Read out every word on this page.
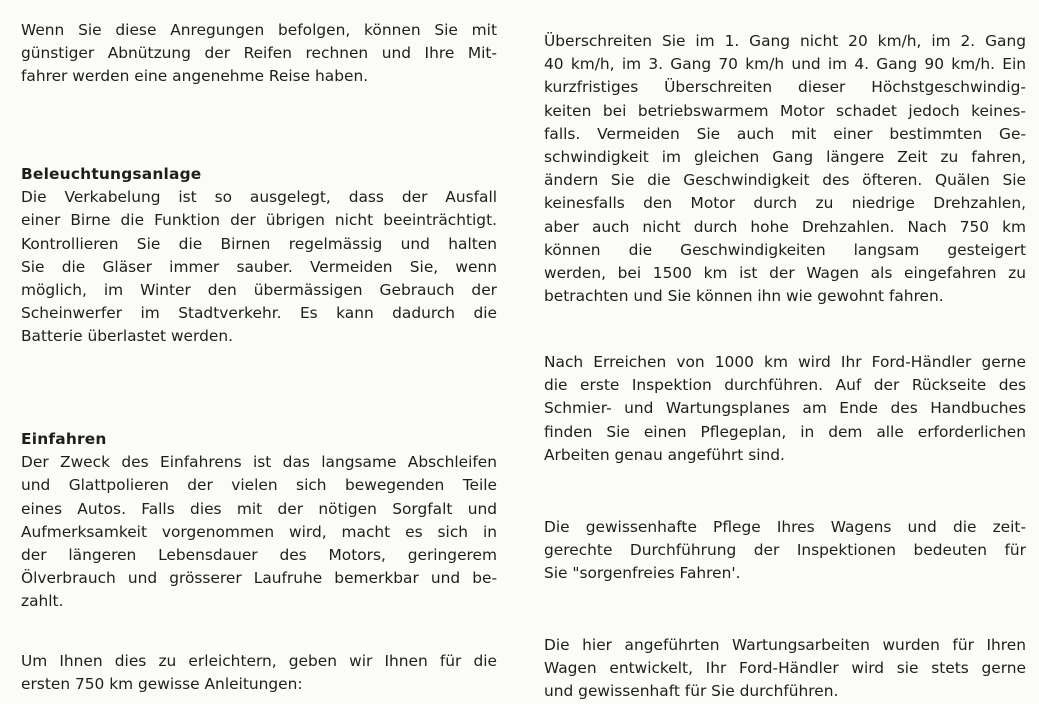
Wenn Sie diese Anregungen befolgen, können Sie mit
günstiger Abnützung der Reifen rechnen und Ihre Mit-
fahrer werden eine angenehme Reise haben.
Beleuchtungsanlage
Die Verkabelung ist so ausgelegt, dass der Ausfall
einer Birne die Funktion der übrigen nicht beeinträchtigt.
Kontrollieren Sie die Birnen regelmässig und halten
Sie die Gläser immer sauber. Vermeiden Sie, wenn
möglich, im Winter den übermässigen Gebrauch der
Scheinwerfer im Stadtverkehr. Es kann dadurch die
Batterie überlastet werden.
Einfahren
Der Zweck des Einfahrens ist das langsame Abschleifen
und Glattpolieren der vielen sich bewegenden Teile
eines Autos. Falls dies mit der nötigen Sorgfalt und
Aufmerksamkeit vorgenommen wird, macht es sich in
der längeren Lebensdauer des Motors, geringerem
Ölverbrauch und grösserer Laufruhe bemerkbar und be-
zahlt.
Um Ihnen dies zu erleichtern, geben wir Ihnen für die
ersten 750 km gewisse Anleitungen:
Überschreiten Sie im 1. Gang nicht 20 km/h, im 2. Gang
40 km/h, im 3. Gang 70 km/h und im 4. Gang 90 km/h. Ein
kurzfristiges Überschreiten dieser Höchstgeschwindig-
keiten bei betriebswarmem Motor schadet jedoch keines-
falls. Vermeiden Sie auch mit einer bestimmten Ge-
schwindigkeit im gleichen Gang längere Zeit zu fahren,
ändern Sie die Geschwindigkeit des öfteren. Quälen Sie
keinesfalls den Motor durch zu niedrige Drehzahlen,
aber auch nicht durch hohe Drehzahlen. Nach 750 km
können die Geschwindigkeiten langsam gesteigert
werden, bei 1500 km ist der Wagen als eingefahren zu
betrachten und Sie können ihn wie gewohnt fahren.
Nach Erreichen von 1000 km wird Ihr Ford-Händler gerne
die erste Inspektion durchführen. Auf der Rückseite des
Schmier- und Wartungsplanes am Ende des Handbuches
finden Sie einen Pflegeplan, in dem alle erforderlichen
Arbeiten genau angeführt sind.
Die gewissenhafte Pflege Ihres Wagens und die zeit-
gerechte Durchführung der Inspektionen bedeuten für
Sie "sorgenfreies Fahren'.
Die hier angeführten Wartungsarbeiten wurden für Ihren
Wagen entwickelt, Ihr Ford-Händler wird sie stets gerne
und gewissenhaft für Sie durchführen.
